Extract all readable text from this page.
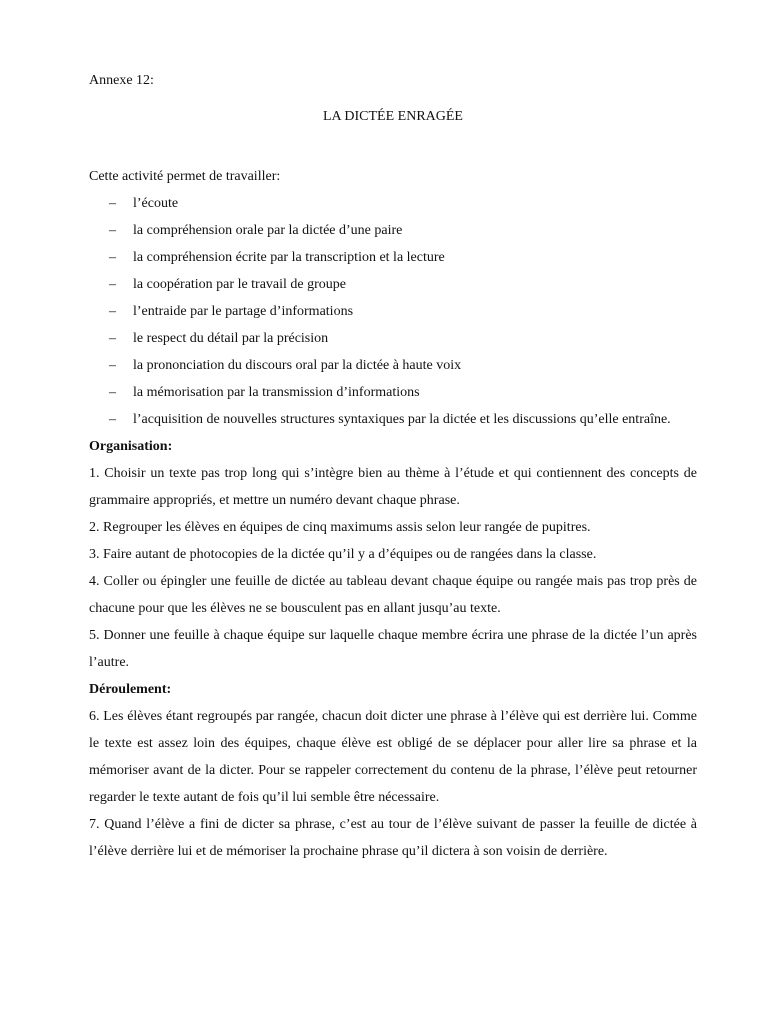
Annexe 12:
LA DICTÉE ENRAGÉE

Cette activité permet de travailler:

– l’écoute
– la compréhension orale par la dictée d’une paire
– la compréhension écrite par la transcription et la lecture
– la coopération par le travail de groupe
– l’entraide par le partage d’informations
– le respect du détail par la précision
– la prononciation du discours oral par la dictée à haute voix
– la mémorisation par la transmission d’informations
– l’acquisition de nouvelles structures syntaxiques par la dictée et les discussions qu’elle entraîne.

Organisation:

1. Choisir un texte pas trop long qui s’intègre bien au thème à l’étude et qui contiennent des concepts de grammaire appropriés, et mettre un numéro devant chaque phrase.

2. Regrouper les élèves en équipes de cinq maximums assis selon leur rangée de pupitres.

3. Faire autant de photocopies de la dictée qu’il y a d’équipes ou de rangées dans la classe.

4. Coller ou épingler une feuille de dictée au tableau devant chaque équipe ou rangée mais pas trop près de chacune pour que les élèves ne se bousculent pas en allant jusqu’au texte.

5. Donner une feuille à chaque équipe sur laquelle chaque membre écrira une phrase de la dictée l’un après l’autre.

Déroulement:

6. Les élèves étant regroupés par rangée, chacun doit dicter une phrase à l’élève qui est derrière lui. Comme le texte est assez loin des équipes, chaque élève est obligé de se déplacer pour aller lire sa phrase et la mémoriser avant de la dicter. Pour se rappeler correctement du contenu de la phrase, l’élève peut retourner regarder le texte autant de fois qu’il lui semble être nécessaire.

7. Quand l’élève a fini de dicter sa phrase, c’est au tour de l’élève suivant de passer la feuille de dictée à l’élève derrière lui et de mémoriser la prochaine phrase qu’il dictera à son voisin de derrière.
